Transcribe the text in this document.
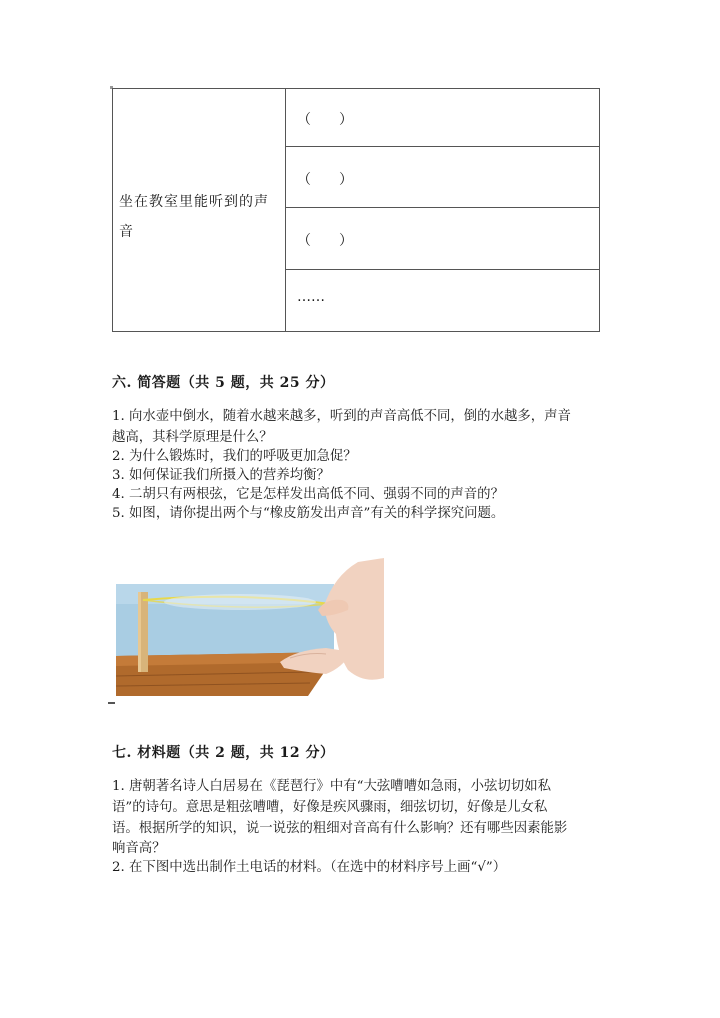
坐在教室里能听到的声
音
（　　）
（　　）
（　　）
……
六. 简答题（共 5 题，共 25 分）
1. 向水壶中倒水，随着水越来越多，听到的声音高低不同，倒的水越多，声音
越高，其科学原理是什么？
2. 为什么锻炼时，我们的呼吸更加急促？
3. 如何保证我们所摄入的营养均衡？
4. 二胡只有两根弦，它是怎样发出高低不同、强弱不同的声音的？
5. 如图，请你提出两个与“橡皮筋发出声音”有关的科学探究问题。
七. 材料题（共 2 题，共 12 分）
1. 唐朝著名诗人白居易在《琵琶行》中有“大弦嘈嘈如急雨，小弦切切如私
语”的诗句。意思是粗弦嘈嘈，好像是疾风骤雨，细弦切切，好像是儿女私
语。根据所学的知识，说一说弦的粗细对音高有什么影响？还有哪些因素能影
响音高？
2. 在下图中选出制作土电话的材料。（在选中的材料序号上画“√”）
